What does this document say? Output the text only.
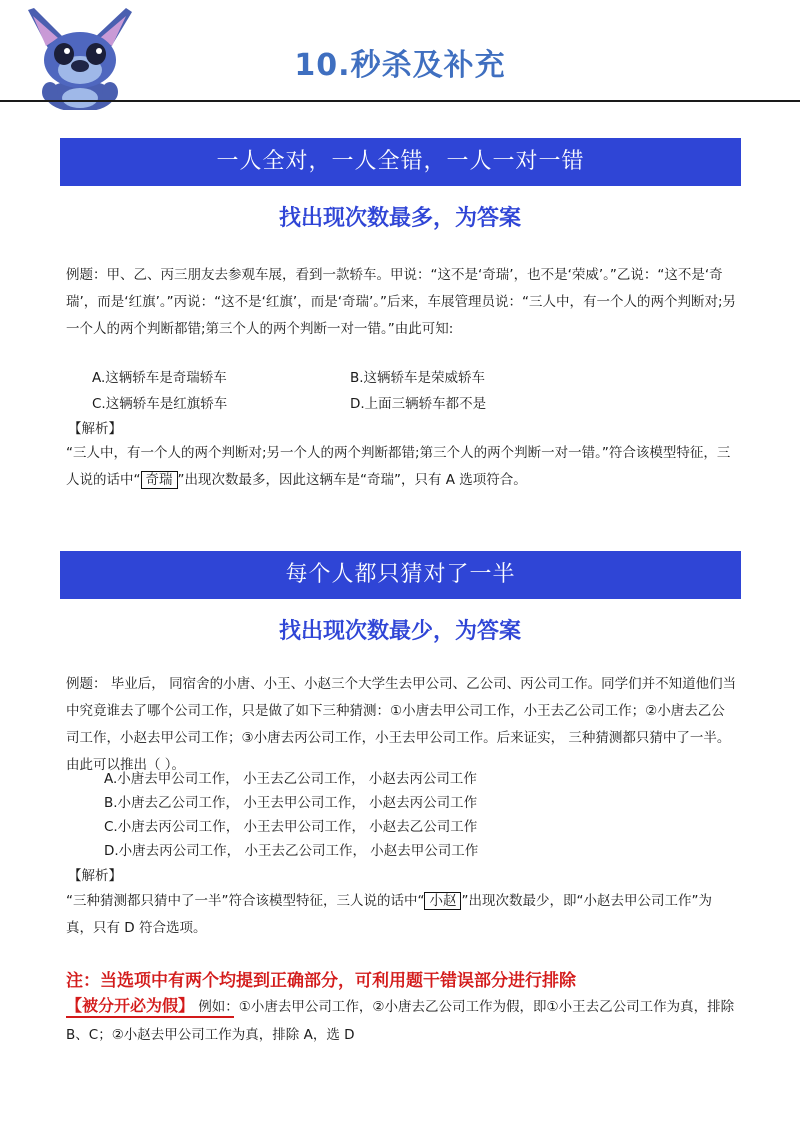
10.秒杀及补充
一人全对，一人全错，一人一对一错
找出现次数最多，为答案
例题：甲、乙、丙三朋友去参观车展，看到一款轿车。甲说：“这不是‘奇瑞’，也不是‘荣威’。”乙说：“这不是‘奇瑞’，而是‘红旗’。”丙说：“这不是‘红旗’，而是‘奇瑞’。”后来，车展管理员说：“三人中，有一个人的两个判断对;另一个人的两个判断都错;第三个人的两个判断一对一错。”由此可知:
A.这辆轿车是奇瑞轿车	B.这辆轿车是荣威轿车
C.这辆轿车是红旗轿车	D.上面三辆轿车都不是
【解析】
“三人中，有一个人的两个判断对;另一个人的两个判断都错;第三个人的两个判断一对一错。”符合该模型特征，三人说的话中“ 奇瑞 ”出现次数最多，因此这辆车是“奇瑞”，只有 A 选项符合。
每个人都只猜对了一半
找出现次数最少，为答案
例题： 毕业后， 同宿舍的小唐、小王、小赵三个大学生去甲公司、乙公司、丙公司工作。同学们并不知道他们当中究竟谁去了哪个公司工作，只是做了如下三种猜测：①小唐去甲公司工作，小王去乙公司工作；②小唐去乙公司工作，小赵去甲公司工作；③小唐去丙公司工作，小王去甲公司工作。后来证实， 三种猜测都只猜中了一半。由此可以推出（ ）。
A.小唐去甲公司工作， 小王去乙公司工作， 小赵去丙公司工作
B.小唐去乙公司工作， 小王去甲公司工作， 小赵去丙公司工作
C.小唐去丙公司工作， 小王去甲公司工作， 小赵去乙公司工作
D.小唐去丙公司工作， 小王去乙公司工作， 小赵去甲公司工作
【解析】
“三种猜测都只猜中了一半”符合该模型特征，三人说的话中“ 小赵 ”出现次数最少，即“小赵去甲公司工作”为真，只有 D 符合选项。
注：当选项中有两个均提到正确部分，可利用题干错误部分进行排除
【被分开必为假】 例如：①小唐去甲公司工作，②小唐去乙公司工作为假，即①小王去乙公司工作为真，排除 B、C；②小赵去甲公司工作为真，排除 A，选 D
